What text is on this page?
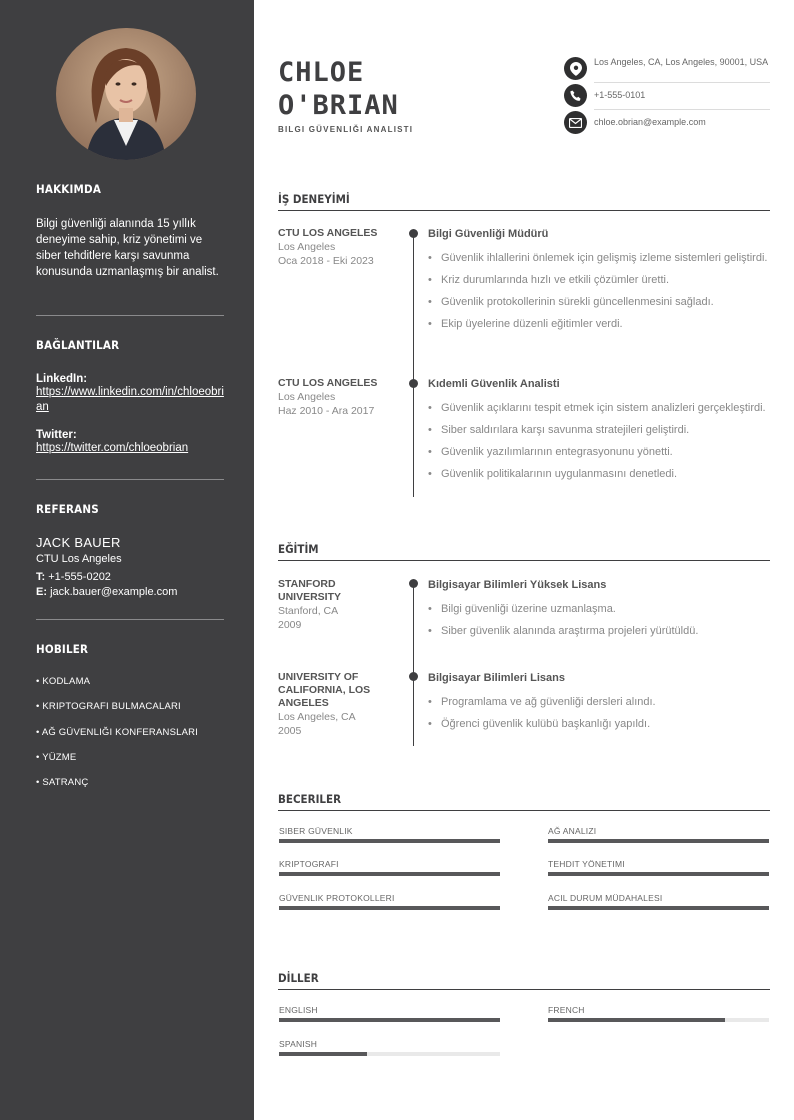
HAKKIMDA
Bilgi güvenliği alanında 15 yıllık deneyime sahip, kriz yönetimi ve siber tehditlere karşı savunma konusunda uzmanlaşmış bir analist.
BAĞLANTILAR
LinkedIn:
https://www.linkedin.com/in/chloeobrian
Twitter:
https://twitter.com/chloeobrian
REFERANS
JACK BAUER
CTU Los Angeles
T: +1-555-0202
E: jack.bauer@example.com
HOBILER
• KODLAMA
• KRIPTOGRAFI BULMACALARI
• AĞ GÜVENLIĞI KONFERANSLARI
• YÜZME
• SATRANÇ
CHLOE
O'BRIAN
BILGI GÜVENLIĞI ANALISTI
Los Angeles, CA, Los Angeles, 90001, USA
+1-555-0101
chloe.obrian@example.com
İŞ DENEYİMİ
CTU LOS ANGELES
Los Angeles
Oca 2018 - Eki 2023
Bilgi Güvenliği Müdürü
• Güvenlik ihlallerini önlemek için gelişmiş izleme sistemleri geliştirdi.
• Kriz durumlarında hızlı ve etkili çözümler üretti.
• Güvenlik protokollerinin sürekli güncellenmesini sağladı.
• Ekip üyelerine düzenli eğitimler verdi.
CTU LOS ANGELES
Los Angeles
Haz 2010 - Ara 2017
Kıdemli Güvenlik Analisti
• Güvenlik açıklarını tespit etmek için sistem analizleri gerçekleştirdi.
• Siber saldırılara karşı savunma stratejileri geliştirdi.
• Güvenlik yazılımlarının entegrasyonunu yönetti.
• Güvenlik politikalarının uygulanmasını denetledi.
EĞİTİM
STANFORD UNIVERSITY
Stanford, CA
2009
Bilgisayar Bilimleri Yüksek Lisans
• Bilgi güvenliği üzerine uzmanlaşma.
• Siber güvenlik alanında araştırma projeleri yürütüldü.
UNIVERSITY OF CALIFORNIA, LOS ANGELES
Los Angeles, CA
2005
Bilgisayar Bilimleri Lisans
• Programlama ve ağ güvenliği dersleri alındı.
• Öğrenci güvenlik kulübü başkanlığı yapıldı.
BECERILER
SIBER GÜVENLIK	AĞ ANALIZI
KRIPTOGRAFI	TEHDIT YÖNETIMI
GÜVENLIK PROTOKOLLERI	ACIL DURUM MÜDAHALESI
DİLLER
ENGLISH	FRENCH
SPANISH
